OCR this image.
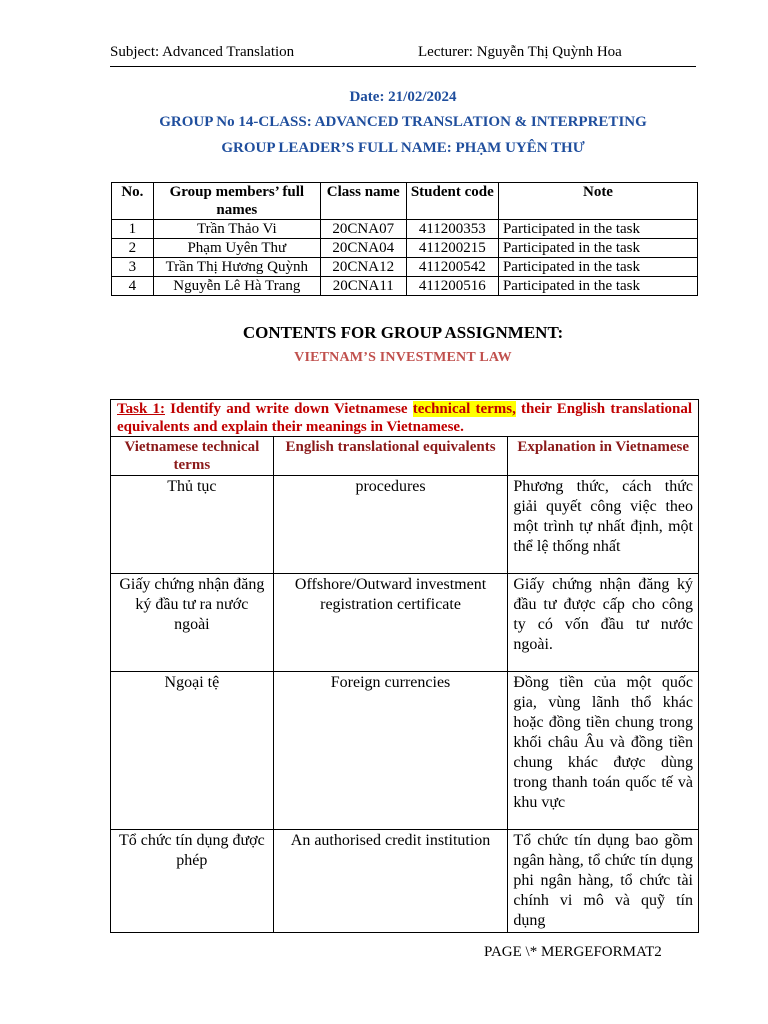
Subject: Advanced Translation	Lecturer: Nguyễn Thị Quỳnh Hoa
Date: 21/02/2024
GROUP No 14-CLASS: ADVANCED TRANSLATION & INTERPRETING
GROUP LEADER’S FULL NAME: PHẠM UYÊN THƯ
No.	Group members’ full names	Class name	Student code	Note
1	Trần Thảo Vi	20CNA07	411200353	Participated in the task
2	Phạm Uyên Thư	20CNA04	411200215	Participated in the task
3	Trần Thị Hương Quỳnh	20CNA12	411200542	Participated in the task
4	Nguyễn Lê Hà Trang	20CNA11	411200516	Participated in the task
CONTENTS FOR GROUP ASSIGNMENT:
VIETNAM’S INVESTMENT LAW
Task 1: Identify and write down Vietnamese technical terms, their English translational equivalents and explain their meanings in Vietnamese.		
Vietnamese technical terms	English translational equivalents	Explanation in Vietnamese
Thủ tục	procedures	Phương thức, cách thức giải quyết công việc theo một trình tự nhất định, một thể lệ thống nhất
Giấy chứng nhận đăng ký đầu tư ra nước ngoài	Offshore/Outward investment registration certificate	Giấy chứng nhận đăng ký đầu tư được cấp cho công ty có vốn đầu tư nước ngoài.
Ngoại tệ	Foreign currencies	Đồng tiền của một quốc gia, vùng lãnh thổ khác hoặc đồng tiền chung trong khối châu Âu và đồng tiền chung khác được dùng trong thanh toán quốc tế và khu vực
Tổ chức tín dụng được phép	An authorised credit institution	Tổ chức tín dụng bao gồm ngân hàng, tổ chức tín dụng phi ngân hàng, tổ chức tài chính vi mô và quỹ tín dụng
PAGE \* MERGEFORMAT2
